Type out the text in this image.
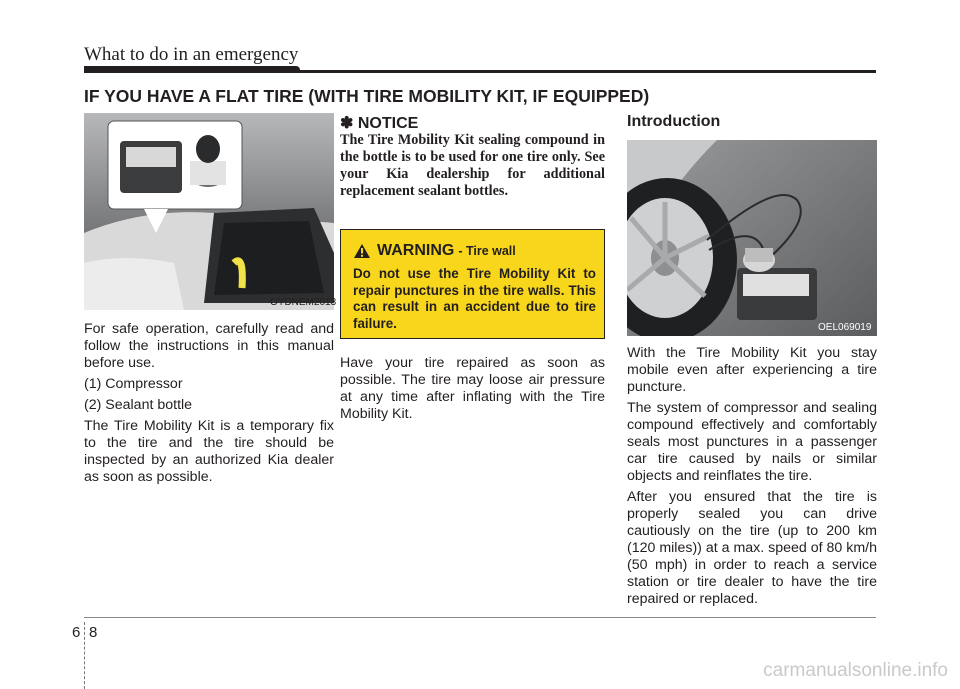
What to do in an emergency
IF YOU HAVE A FLAT TIRE (WITH TIRE MOBILITY KIT, IF EQUIPPED)
OYDNEM2013

For safe operation, carefully read and follow the instructions in this manual before use.

(1) Compressor

(2) Sealant bottle

The Tire Mobility Kit is a temporary fix to the tire and the tire should be inspected by an authorized Kia dealer as soon as possible.

✽ NOTICE
The Tire Mobility Kit sealing compound in the bottle is to be used for one tire only. See your Kia dealership for additional replacement sealant bottles.
WARNING - Tire wall
Do not use the Tire Mobility Kit to repair punctures in the tire walls. This can result in an accident due to tire failure.
Have your tire repaired as soon as possible. The tire may loose air pressure at any time after inflating with the Tire Mobility Kit.
Introduction
OEL069019

With the Tire Mobility Kit you stay mobile even after experiencing a tire puncture.

The system of compressor and sealing compound effectively and comfortably seals most punctures in a passenger car tire caused by nails or similar objects and reinflates the tire.

After you ensured that the tire is properly sealed you can drive cautiously on the tire (up to 200 km (120 miles)) at a max. speed of 80 km/h (50 mph) in order to reach a service station or tire dealer to have the tire repaired or replaced.

6 8
carmanualsonline.info
